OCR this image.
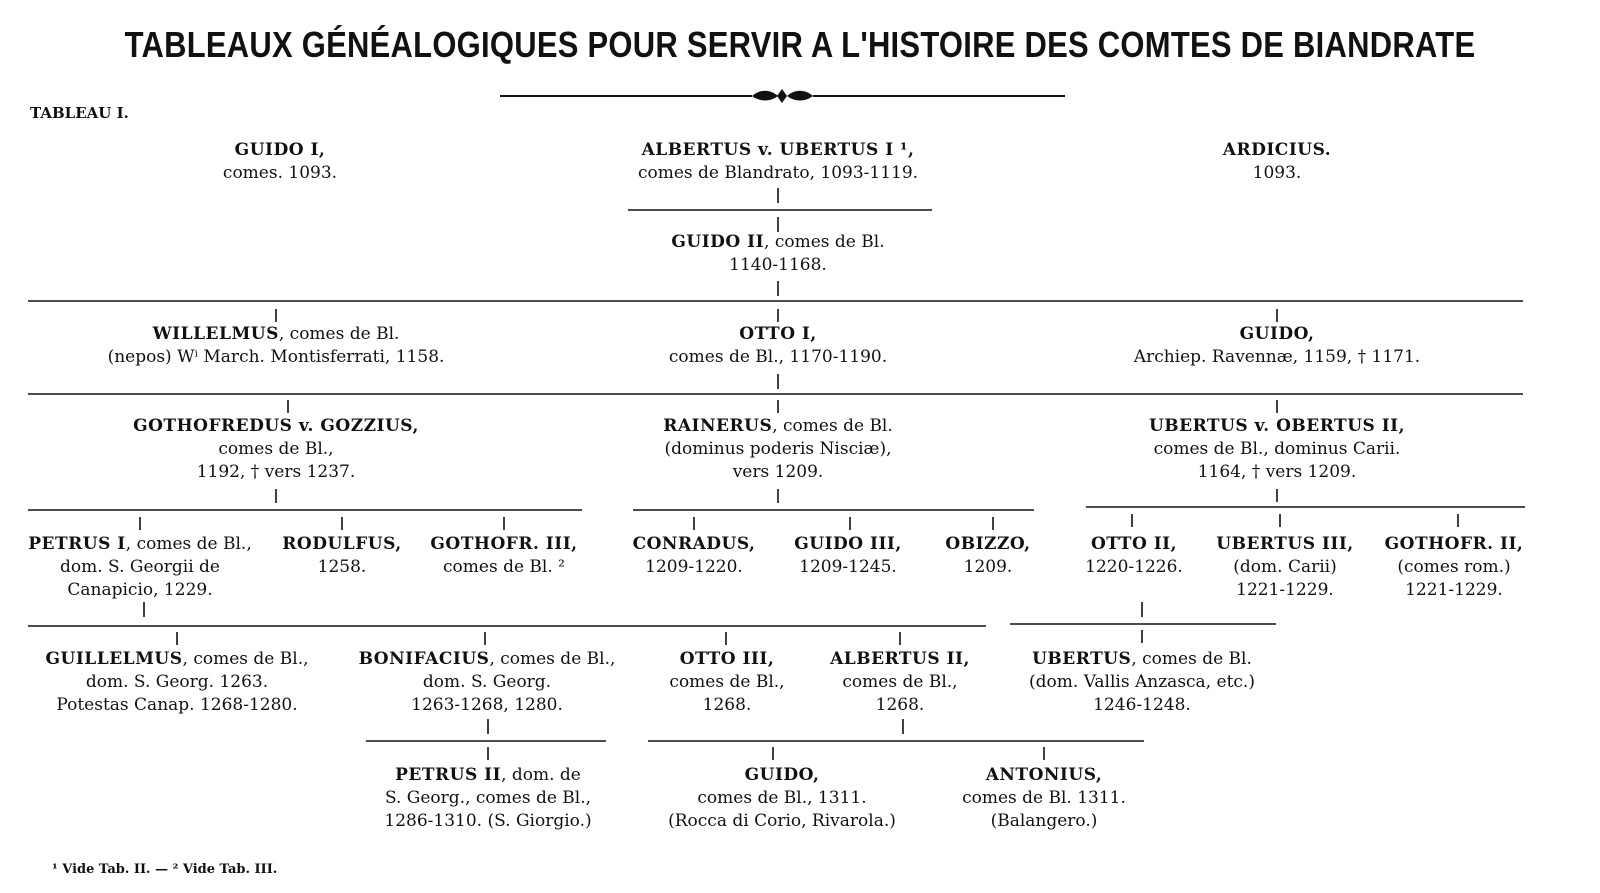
TABLEAUX GÉNÉALOGIQUES POUR SERVIR A L'HISTOIRE DES COMTES DE BIANDRATE
TABLEAU I.
GUIDO I,
comes. 1093.
ALBERTUS v. UBERTUS I ¹,
comes de Blandrato, 1093-1119.
ARDICIUS.
1093.
GUIDO II, comes de Bl.
1140-1168.
WILLELMUS, comes de Bl.
(nepos) Wⁱ March. Montisferrati, 1158.
OTTO I,
comes de Bl., 1170-1190.
GUIDO,
Archiep. Ravennæ, 1159, † 1171.
GOTHOFREDUS v. GOZZIUS,
comes de Bl.,
1192, † vers 1237.
RAINERUS, comes de Bl.
(dominus poderis Nisciæ),
vers 1209.
UBERTUS v. OBERTUS II,
comes de Bl., dominus Carii.
1164, † vers 1209.
PETRUS I, comes de Bl.,
dom. S. Georgii de
Canapicio, 1229.
RODULFUS,
1258.
GOTHOFR. III,
comes de Bl. ²
CONRADUS,
1209-1220.
GUIDO III,
1209-1245.
OBIZZO,
1209.
OTTO II,
1220-1226.
UBERTUS III,
(dom. Carii)
1221-1229.
GOTHOFR. II,
(comes rom.)
1221-1229.
GUILLELMUS, comes de Bl.,
dom. S. Georg. 1263.
Potestas Canap. 1268-1280.
BONIFACIUS, comes de Bl.,
dom. S. Georg.
1263-1268, 1280.
OTTO III,
comes de Bl.,
1268.
ALBERTUS II,
comes de Bl.,
1268.
UBERTUS, comes de Bl.
(dom. Vallis Anzasca, etc.)
1246-1248.
PETRUS II, dom. de
S. Georg., comes de Bl.,
1286-1310. (S. Giorgio.)
GUIDO,
comes de Bl., 1311.
(Rocca di Corio, Rivarola.)
ANTONIUS,
comes de Bl. 1311.
(Balangero.)
¹ Vide Tab. II. — ² Vide Tab. III.
